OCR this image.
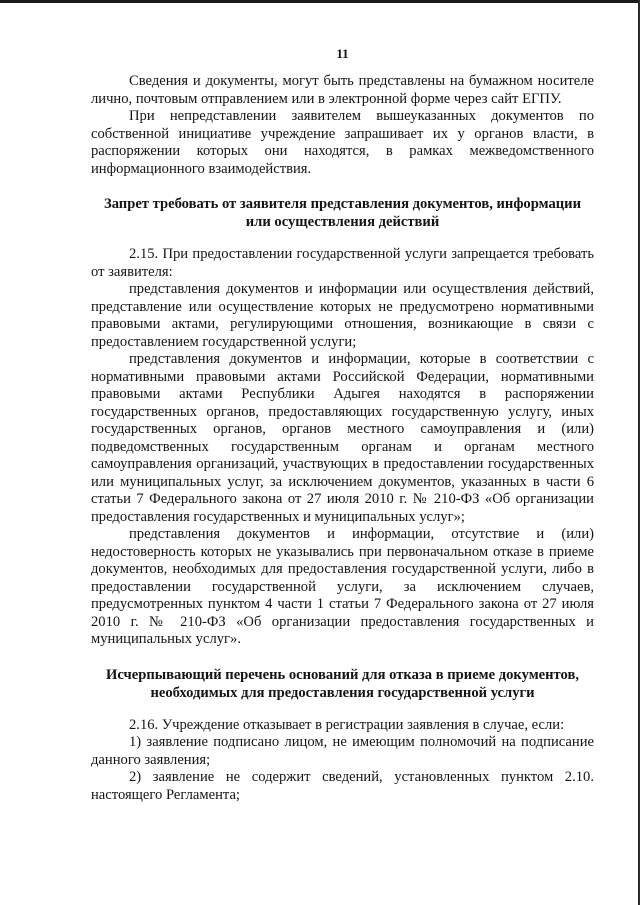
11

Сведения и документы, могут быть представлены на бумажном носителе лично, почтовым отправлением или в электронной форме через сайт ЕГПУ.

При непредставлении заявителем вышеуказанных документов по собственной инициативе учреждение запрашивает их у органов власти, в распоряжении которых они находятся, в рамках межведомственного информационного взаимодействия.

Запрет требовать от заявителя представления документов, информации или осуществления действий

2.15. При предоставлении государственной услуги запрещается требовать от заявителя:

представления документов и информации или осуществления действий, представление или осуществление которых не предусмотрено нормативными правовыми актами, регулирующими отношения, возникающие в связи с предоставлением государственной услуги;

представления документов и информации, которые в соответствии с нормативными правовыми актами Российской Федерации, нормативными правовыми актами Республики Адыгея находятся в распоряжении государственных органов, предоставляющих государственную услугу, иных государственных органов, органов местного самоуправления и (или) подведомственных государственным органам и органам местного самоуправления организаций, участвующих в предоставлении государственных или муниципальных услуг, за исключением документов, указанных в части 6 статьи 7 Федерального закона от 27 июля 2010 г. № 210-ФЗ «Об организации предоставления государственных и муниципальных услуг»;

представления документов и информации, отсутствие и (или) недостоверность которых не указывались при первоначальном отказе в приеме документов, необходимых для предоставления государственной услуги, либо в предоставлении государственной услуги, за исключением случаев, предусмотренных пунктом 4 части 1 статьи 7 Федерального закона от 27 июля 2010 г. № 210-ФЗ «Об организации предоставления государственных и муниципальных услуг».

Исчерпывающий перечень оснований для отказа в приеме документов, необходимых для предоставления государственной услуги

2.16. Учреждение отказывает в регистрации заявления в случае, если:

1) заявление подписано лицом, не имеющим полномочий на подписание данного заявления;

2) заявление не содержит сведений, установленных пунктом 2.10. настоящего Регламента;
